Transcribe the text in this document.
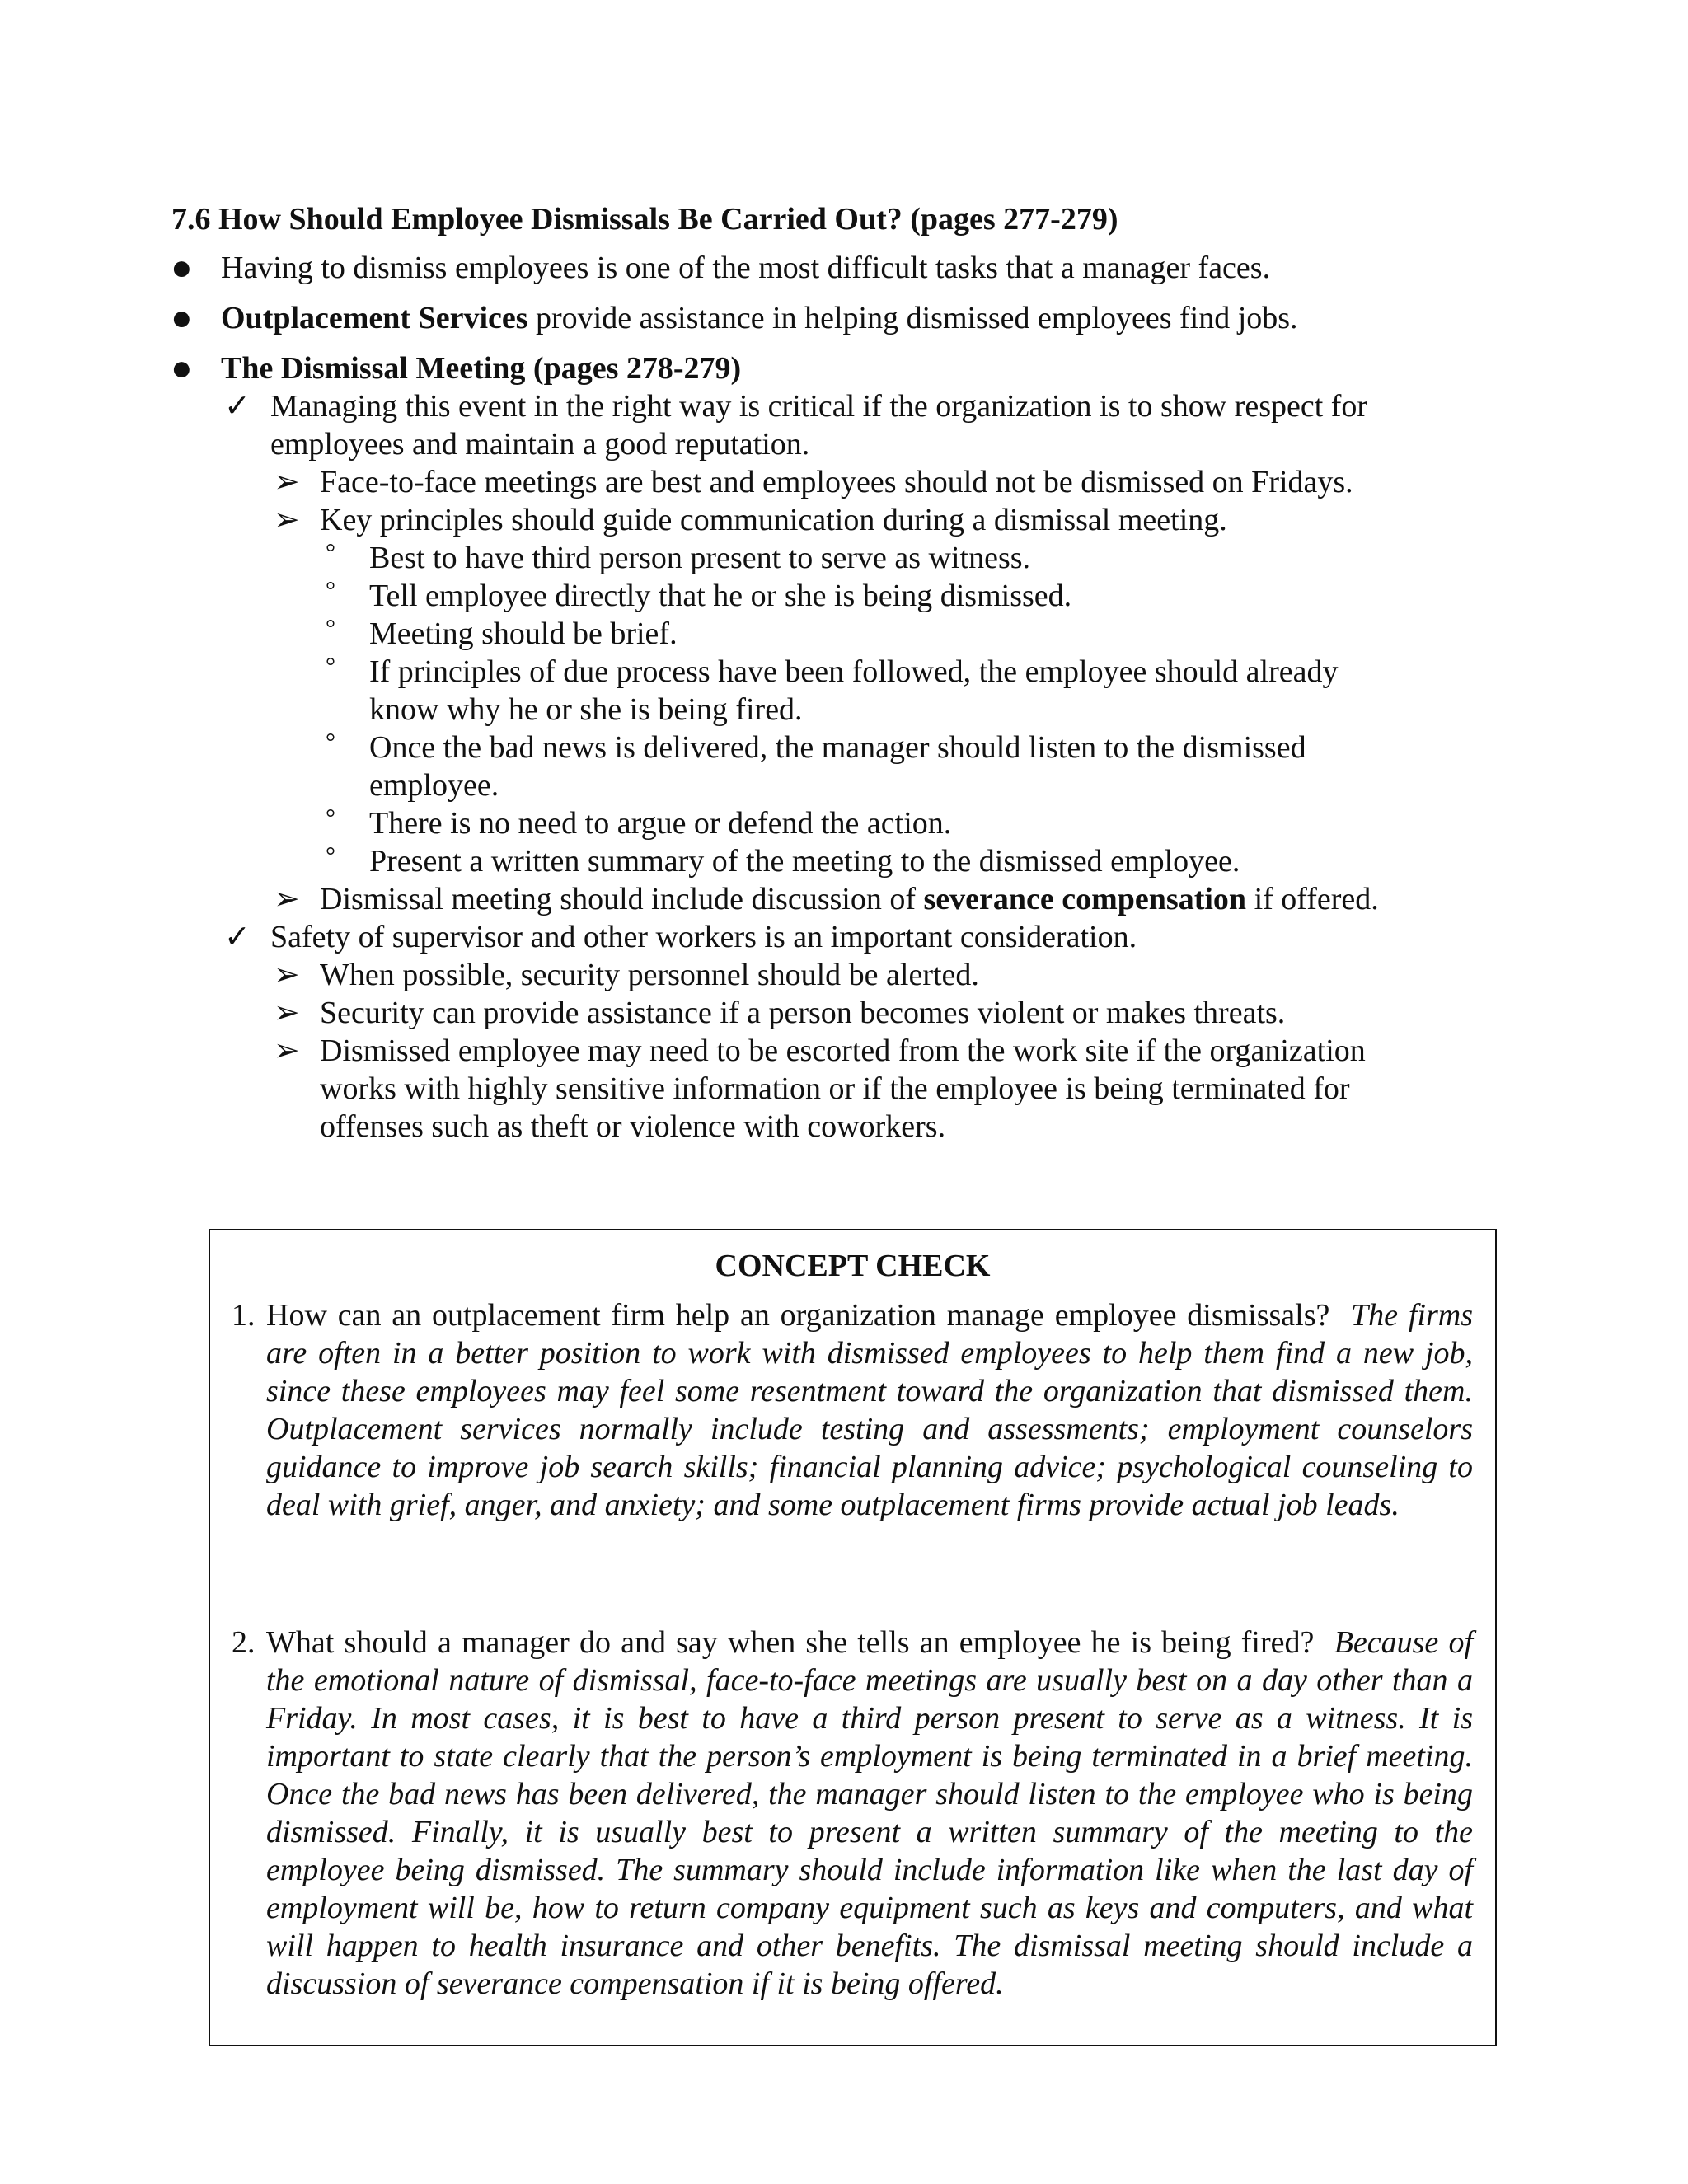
7.6 How Should Employee Dismissals Be Carried Out? (pages 277-279)
● Having to dismiss employees is one of the most difficult tasks that a manager faces.
● Outplacement Services provide assistance in helping dismissed employees find jobs.
● The Dismissal Meeting (pages 278-279)
✓ Managing this event in the right way is critical if the organization is to show respect for
employees and maintain a good reputation.
➢ Face-to-face meetings are best and employees should not be dismissed on Fridays.
➢ Key principles should guide communication during a dismissal meeting.
° Best to have third person present to serve as witness.
° Tell employee directly that he or she is being dismissed.
° Meeting should be brief.
° If principles of due process have been followed, the employee should already
know why he or she is being fired.
° Once the bad news is delivered, the manager should listen to the dismissed
employee.
° There is no need to argue or defend the action.
° Present a written summary of the meeting to the dismissed employee.
➢ Dismissal meeting should include discussion of severance compensation if offered.
✓ Safety of supervisor and other workers is an important consideration.
➢ When possible, security personnel should be alerted.
➢ Security can provide assistance if a person becomes violent or makes threats.
➢ Dismissed employee may need to be escorted from the work site if the organization
works with highly sensitive information or if the employee is being terminated for
offenses such as theft or violence with coworkers.
CONCEPT CHECK
1. How can an outplacement firm help an organization manage employee dismissals? The firms are often in a better position to work with dismissed employees to help them find a new job, since these employees may feel some resentment toward the organization that dismissed them. Outplacement services normally include testing and assessments; employment counselors guidance to improve job search skills; financial planning advice; psychological counseling to deal with grief, anger, and anxiety; and some outplacement firms provide actual job leads.
2. What should a manager do and say when she tells an employee he is being fired? Because of the emotional nature of dismissal, face-to-face meetings are usually best on a day other than a Friday. In most cases, it is best to have a third person present to serve as a witness. It is important to state clearly that the person’s employment is being terminated in a brief meeting. Once the bad news has been delivered, the manager should listen to the employee who is being dismissed. Finally, it is usually best to present a written summary of the meeting to the employee being dismissed. The summary should include information like when the last day of employment will be, how to return company equipment such as keys and computers, and what will happen to health insurance and other benefits. The dismissal meeting should include a discussion of severance compensation if it is being offered.
